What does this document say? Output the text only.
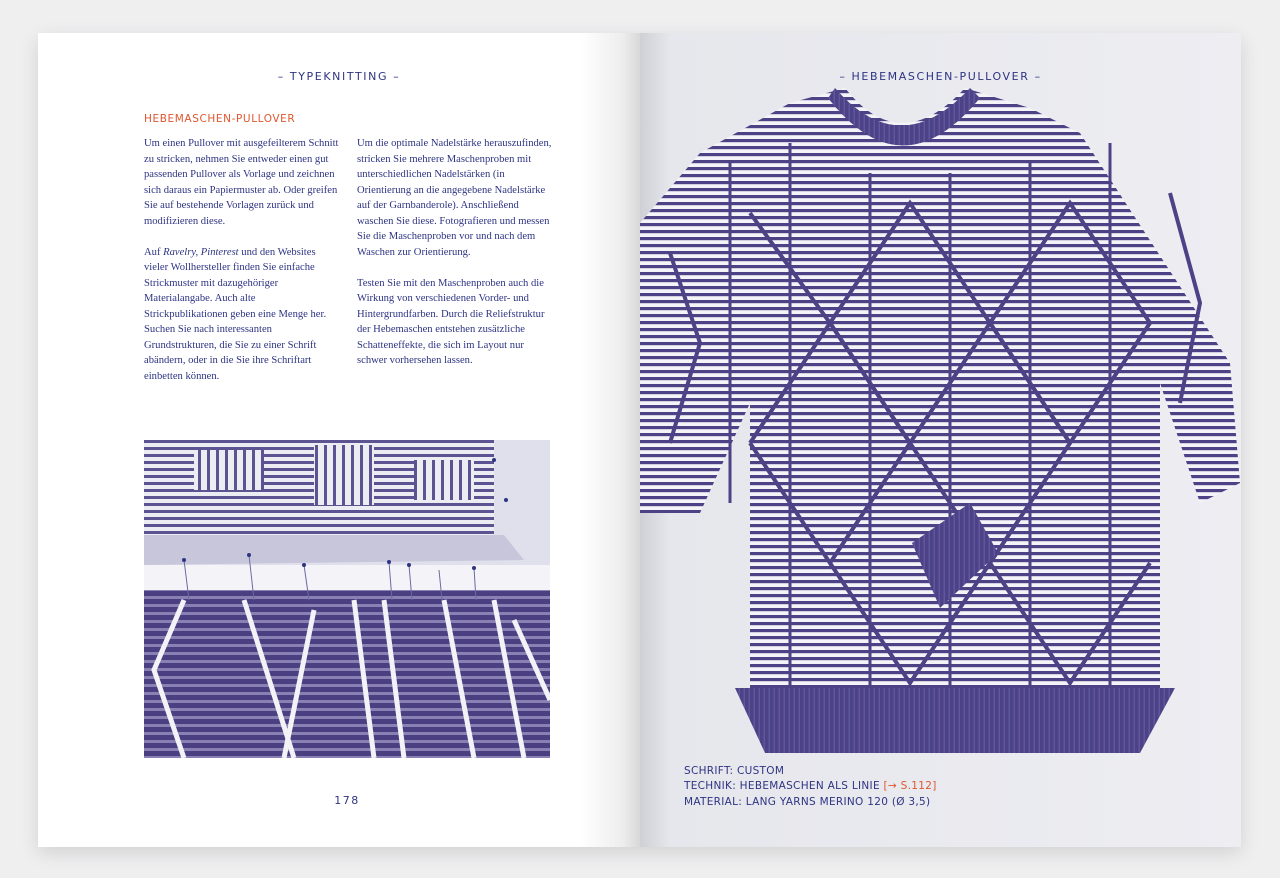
– TYPEKNITTING –
HEBEMASCHEN-PULLOVER

Um einen Pullover mit ausgefeilterem Schnitt zu stricken, nehmen Sie entweder einen gut passenden Pullover als Vorlage und zeichnen sich daraus ein Papiermuster ab. Oder greifen Sie auf bestehende Vorlagen zurück und modifizieren diese.

Auf Ravelry, Pinterest und den Websites vieler Wollhersteller finden Sie einfache Strickmuster mit dazugehöriger Materialangabe. Auch alte Strickpublikationen geben eine Menge her. Suchen Sie nach interessanten Grundstrukturen, die Sie zu einer Schrift abändern, oder in die Sie ihre Schriftart einbetten können.

Um die optimale Nadelstärke herauszufinden, stricken Sie mehrere Maschenproben mit unterschiedlichen Nadelstärken (in Orientierung an die angegebene Nadelstärke auf der Garnbanderole). Anschließend waschen Sie diese. Fotografieren und messen Sie die Maschenproben vor und nach dem Waschen zur Orientierung.

Testen Sie mit den Maschenproben auch die Wirkung von verschiedenen Vorder- und Hintergrundfarben. Durch die Reliefstruktur der Hebemaschen entstehen zusätzliche Schatteneffekte, die sich im Layout nur schwer vorhersehen lassen.

178
– HEBEMASCHEN-PULLOVER –
SCHRIFT: CUSTOM
TECHNIK: HEBEMASCHEN ALS LINIE [→ S.112]
MATERIAL: LANG YARNS MERINO 120 (Ø 3,5)
